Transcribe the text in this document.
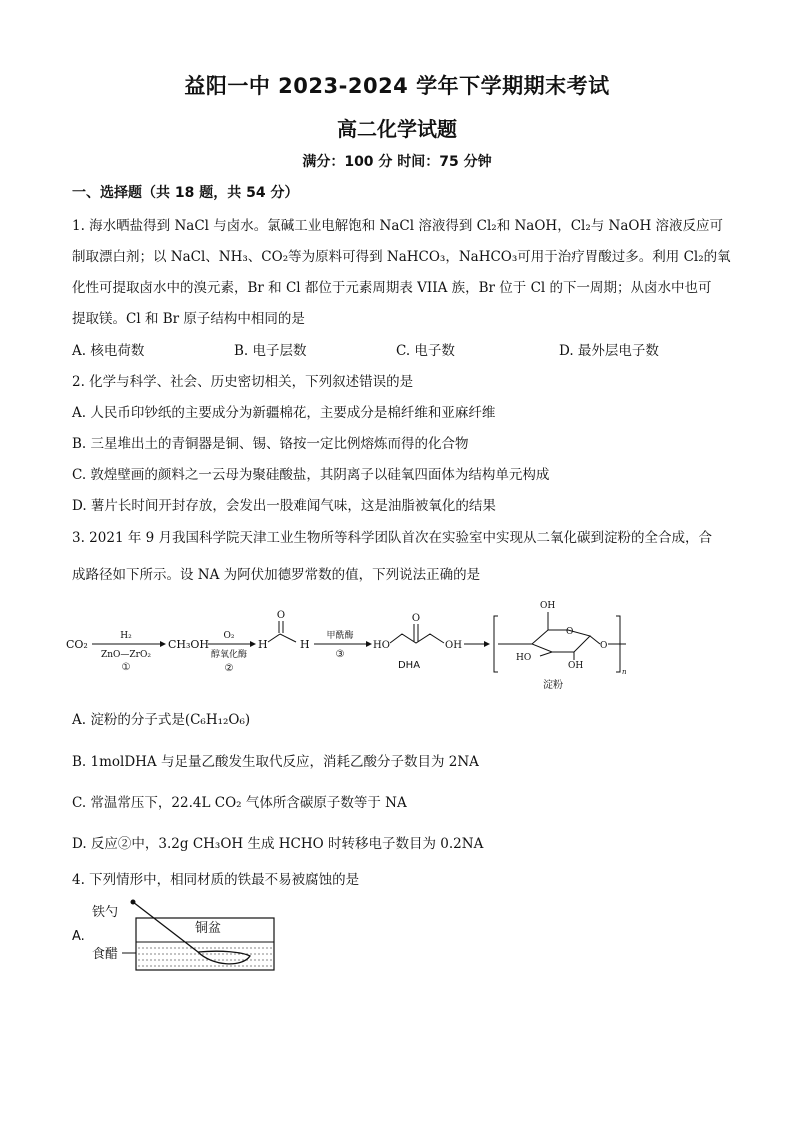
益阳一中 2023-2024 学年下学期期末考试
高二化学试题
满分：100 分 时间：75 分钟
一、选择题（共 18 题，共 54 分）
1. 海水晒盐得到 NaCl 与卤水。氯碱工业电解饱和 NaCl 溶液得到 Cl₂和 NaOH，Cl₂与 NaOH 溶液反应可
制取漂白剂；以 NaCl、NH₃、CO₂等为原料可得到 NaHCO₃，NaHCO₃可用于治疗胃酸过多。利用 Cl₂的氧
化性可提取卤水中的溴元素，Br 和 Cl 都位于元素周期表 VIIA 族，Br 位于 Cl 的下一周期；从卤水中也可
提取镁。Cl 和 Br 原子结构中相同的是
A. 核电荷数	B. 电子层数	C. 电子数	D. 最外层电子数
2. 化学与科学、社会、历史密切相关，下列叙述错误的是
A. 人民币印钞纸的主要成分为新疆棉花，主要成分是棉纤维和亚麻纤维
B. 三星堆出土的青铜器是铜、锡、铬按一定比例熔炼而得的化合物
C. 敦煌壁画的颜料之一云母为聚硅酸盐，其阴离子以硅氧四面体为结构单元构成
D. 薯片长时间开封存放，会发出一股难闻气味，这是油脂被氧化的结果
3. 2021 年 9 月我国科学院天津工业生物所等科学团队首次在实验室中实现从二氧化碳到淀粉的全合成，合
成路径如下所示。设 NA 为阿伏加德罗常数的值，下列说法正确的是
CO₂
H₂
ZnO—ZrO₂
①
CH₃OH
O₂
醇氧化酶
②
H	H
O
甲酰酶
③
HO
O
OH
DHA
O
OH
HO
OH
O
n
淀粉
A. 淀粉的分子式是(C₆H₁₂O₆)
B. 1molDHA 与足量乙酸发生取代反应，消耗乙酸分子数目为 2NA
C. 常温常压下，22.4L CO₂ 气体所含碳原子数等于 NA
D. 反应②中，3.2g CH₃OH 生成 HCHO 时转移电子数目为 0.2NA
4. 下列情形中，相同材质的铁最不易被腐蚀的是
A.
铁勺
食醋
铜盆
